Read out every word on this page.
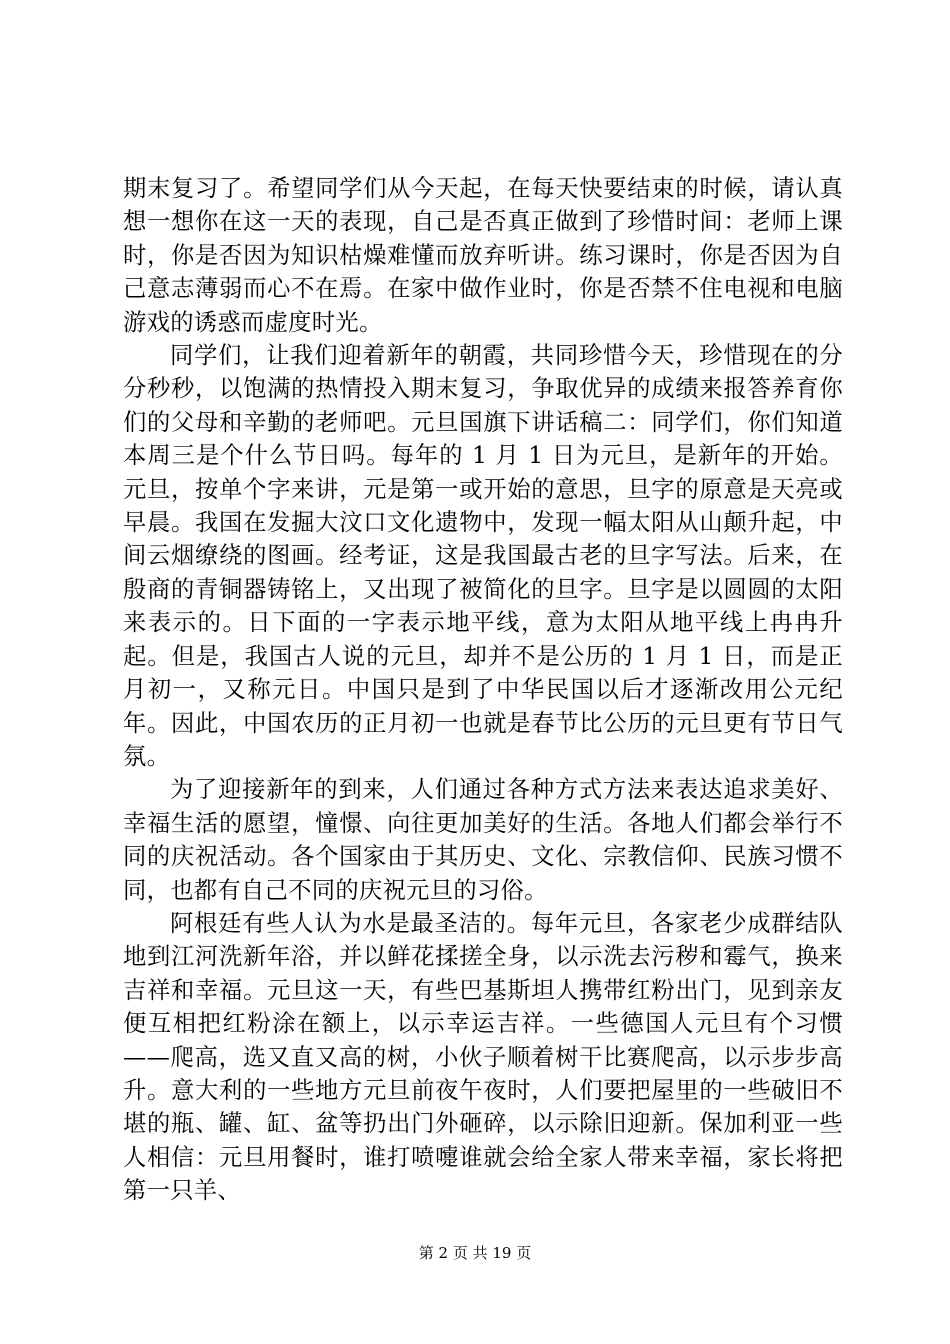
期末复习了。希望同学们从今天起，在每天快要结束的时候，请认真想一想你在这一天的表现，自己是否真正做到了珍惜时间：老师上课时，你是否因为知识枯燥难懂而放弃听讲。练习课时，你是否因为自己意志薄弱而心不在焉。在家中做作业时，你是否禁不住电视和电脑游戏的诱惑而虚度时光。

同学们，让我们迎着新年的朝霞，共同珍惜今天，珍惜现在的分分秒秒，以饱满的热情投入期末复习，争取优异的成绩来报答养育你们的父母和辛勤的老师吧。元旦国旗下讲话稿二：同学们，你们知道本周三是个什么节日吗。每年的 1 月 1 日为元旦，是新年的开始。元旦，按单个字来讲，元是第一或开始的意思，旦字的原意是天亮或早晨。我国在发掘大汶口文化遗物中，发现一幅太阳从山颠升起，中间云烟缭绕的图画。经考证，这是我国最古老的旦字写法。后来，在殷商的青铜器铸铭上，又出现了被简化的旦字。旦字是以圆圆的太阳来表示的。日下面的一字表示地平线，意为太阳从地平线上冉冉升起。但是，我国古人说的元旦，却并不是公历的 1 月 1 日，而是正月初一，又称元日。中国只是到了中华民国以后才逐渐改用公元纪年。因此，中国农历的正月初一也就是春节比公历的元旦更有节日气氛。

为了迎接新年的到来，人们通过各种方式方法来表达追求美好、幸福生活的愿望，憧憬、向往更加美好的生活。各地人们都会举行不同的庆祝活动。各个国家由于其历史、文化、宗教信仰、民族习惯不同，也都有自己不同的庆祝元旦的习俗。

阿根廷有些人认为水是最圣洁的。每年元旦，各家老少成群结队地到江河洗新年浴，并以鲜花揉搓全身，以示洗去污秽和霉气，换来吉祥和幸福。元旦这一天，有些巴基斯坦人携带红粉出门，见到亲友便互相把红粉涂在额上，以示幸运吉祥。一些德国人元旦有个习惯——爬高，选又直又高的树，小伙子顺着树干比赛爬高，以示步步高升。意大利的一些地方元旦前夜午夜时，人们要把屋里的一些破旧不堪的瓶、罐、缸、盆等扔出门外砸碎，以示除旧迎新。保加利亚一些人相信：元旦用餐时，谁打喷嚏谁就会给全家人带来幸福，家长将把第一只羊、

第 2 页 共 19 页
